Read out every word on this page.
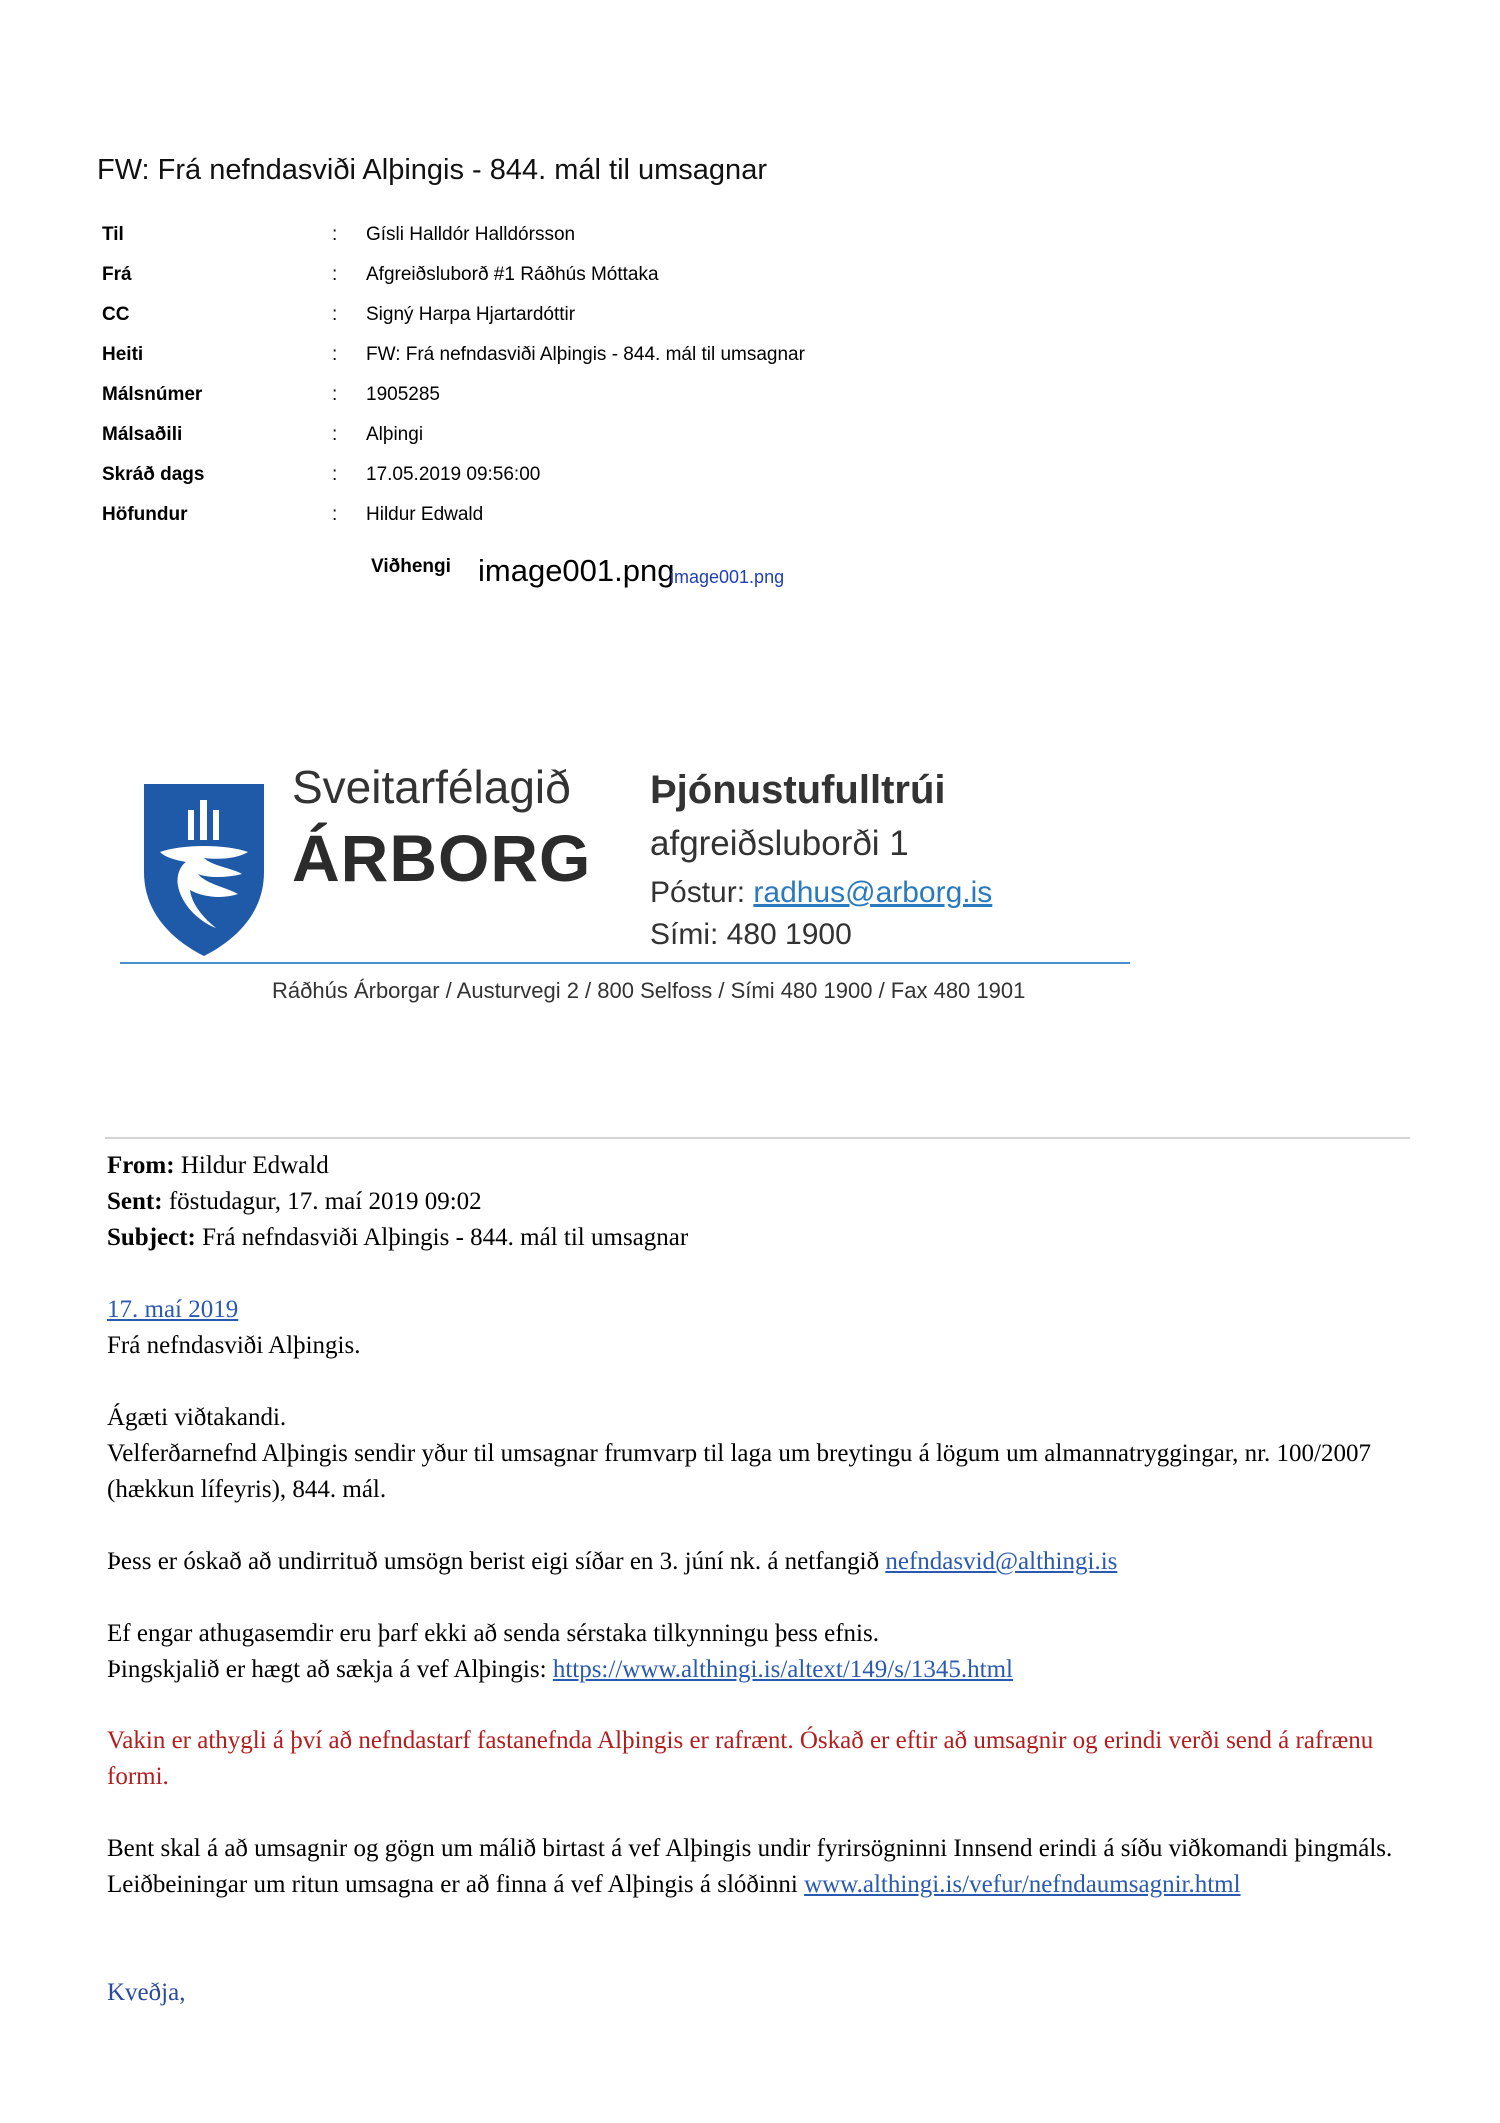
FW: Frá nefndasviði Alþingis - 844. mál til umsagnar
Til	: Gísli Halldór Halldórsson
Frá	: Afgreiðsluborð #1 Ráðhús Móttaka
CC	: Signý Harpa Hjartardóttir
Heiti	: FW: Frá nefndasviði Alþingis - 844. mál til umsagnar
Málsnúmer	: 1905285
Málsaðili	: Alþingi
Skráð dags	: 17.05.2019 09:56:00
Höfundur	: Hildur Edwald
Viðhengi image001.png
image001.png
Sveitarfélagið
ÁRBORG
Þjónustufulltrúi
afgreiðsluborði 1
Póstur: radhus@arborg.is
Sími: 480 1900
Ráðhús Árborgar / Austurvegi 2 / 800 Selfoss / Sími 480 1900 / Fax 480 1901
From: Hildur Edwald
Sent: föstudagur, 17. maí 2019 09:02
Subject: Frá nefndasviði Alþingis - 844. mál til umsagnar
17. maí 2019
Frá nefndasviði Alþingis.
Ágæti viðtakandi.
Velferðarnefnd Alþingis sendir yður til umsagnar frumvarp til laga um breytingu á lögum um almannatryggingar, nr. 100/2007 (hækkun lífeyris), 844. mál.
Þess er óskað að undirrituð umsögn berist eigi síðar en 3. júní nk. á netfangið nefndasvid@althingi.is
Ef engar athugasemdir eru þarf ekki að senda sérstaka tilkynningu þess efnis.
Þingskjalið er hægt að sækja á vef Alþingis: https://www.althingi.is/altext/149/s/1345.html
Vakin er athygli á því að nefndastarf fastanefnda Alþingis er rafrænt. Óskað er eftir að umsagnir og erindi verði send á rafrænu formi.
Bent skal á að umsagnir og gögn um málið birtast á vef Alþingis undir fyrirsögninni Innsend erindi á síðu viðkomandi þingmáls.
Leiðbeiningar um ritun umsagna er að finna á vef Alþingis á slóðinni www.althingi.is/vefur/nefndaumsagnir.html
Kveðja,
